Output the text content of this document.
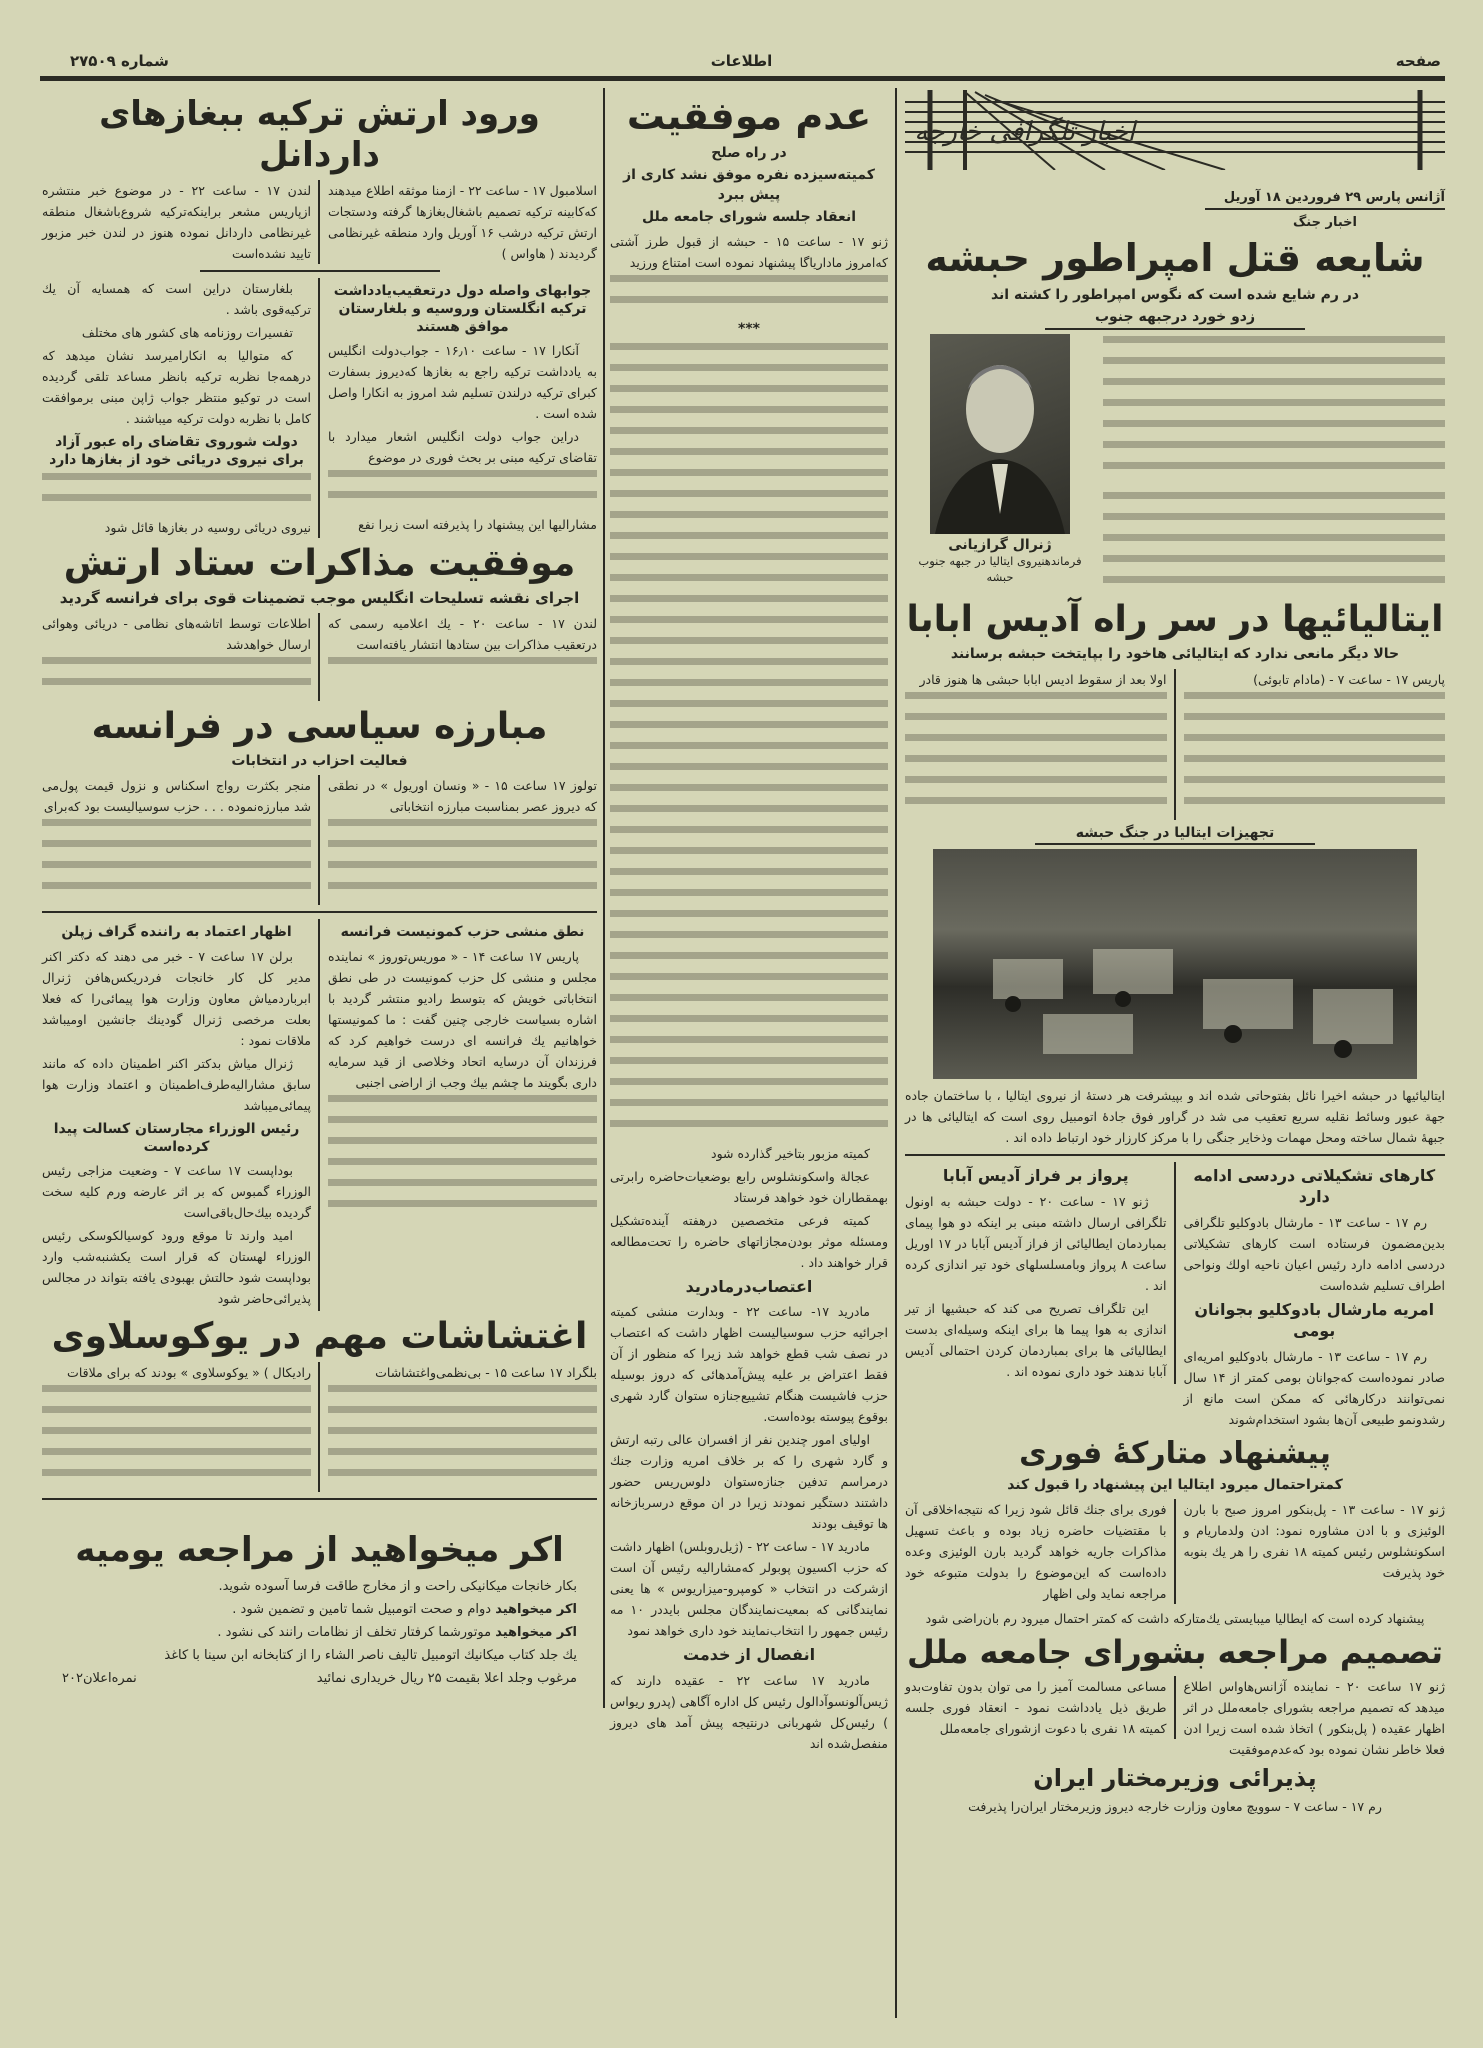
صفحه
اطلاعات
شماره ۲۷۵۰۹
اخبار تلگرافی خارجه
آژانس پارس ۲۹ فروردین ۱۸ آوریل
اخبار جنگ
شایعه قتل امپراطور حبشه
در رم شایع شده است که نگوس امپراطور را کشته اند
زدو خورد درجبهه جنوب
ژنرال گرازیانی
فرماندهنیروی ایتالیا در جبهه جنوب حبشه
ایتالیائیها در سر راه آدیس ابابا
حالا دیگر مانعی ندارد که ایتالیائی هاخود را بپایتخت حبشه برسانند
پاریس ۱۷ - ساعت ۷ - (مادام تابوئی)
اولا بعد از سقوط ادیس ابابا حبشی ها هنوز قادر
تجهیزات ایتالیا در جنگ حبشه
ایتالیائیها در حبشه اخیرا نائل بفتوحاتی شده اند و بپیشرفت هر دستهٔ از نیروی ایتالیا ، با ساختمان جاده جهة عبور وسائط نقلیه سریع تعقیب می شد در گراور فوق جادهٔ اتومبیل روی است که ایتالیائی ها در جبههٔ شمال ساخته ومحل مهمات وذخایر جنگی را با مرکز کارزار خود ارتباط داده اند .
کارهای تشکیلاتی دردسی ادامه دارد

رم ۱۷ - ساعت ۱۳ - مارشال بادوکلیو تلگرافی بدین‌مضمون فرستاده است کارهای تشکیلاتی دردسی ادامه دارد رئیس اعیان ناحیه اولك ونواحی اطراف تسلیم شده‌است

امریه مارشال بادوکلیو بجوانان بومی

رم ۱۷ - ساعت ۱۳ - مارشال بادوکلیو امریه‌ای صادر نموده‌است که‌جوانان بومی کمتر از ۱۴ سال نمی‌توانند درکارهائی که ممکن است مانع از رشدونمو طبیعی آن‌ها بشود استخدام‌شوند

پرواز بر فراز آدیس آبابا

ژنو ۱۷ - ساعت ۲۰ - دولت حبشه به اونول تلگرافی ارسال داشته مبنی بر اینکه دو هوا پیمای بمباردمان ایطالیائی از فراز آدیس آبابا در ۱۷ اوریل ساعت ۸ پرواز وبامسلسلهای خود تیر اندازی کرده اند .

این تلگراف تصریح می کند که حبشیها از تیر اندازی به هوا پیما ها برای اینکه وسیله‌ای بدست ایطالیائی ها برای بمباردمان کردن احتمالی آدیس آبابا ندهند خود داری نموده اند .

پیشنهاد متارکهٔ فوری
کمتراحتمال میرود ایتالیا این پیشنهاد را قبول کند
ژنو ۱۷ - ساعت ۱۳ - پل‌بنکور امروز صبح با بارن الوئیزی و با ادن مشاوره نمود: ادن ولدماریام و اسکونشلوس رئیس کمیته ۱۸ نفری را هر یك بنوبه خود پذیرفت
فوری برای جنك قائل شود زیرا که نتیجه‌اخلاقی آن با مقتضیات حاضره زیاد بوده و باعث تسهیل مذاکرات جاریه خواهد گردید بارن الوئیزی وعده داده‌است که این‌موضوع را بدولت متبوعه خود مراجعه نماید ولی اظهار
پیشنهاد کرده است که ایطالیا میبایستی یك‌متارکه داشت که کمتر احتمال میرود رم بان‌راضی شود
تصمیم مراجعه بشورای جامعه ملل
ژنو ۱۷ ساعت ۲۰ - نماینده آژانس‌هاواس اطلاع میدهد که تصمیم مراجعه بشورای جامعه‌ملل در اثر اظهار عقیده ( پل‌بنکور ) اتخاذ شده است زیرا ادن فعلا خاطر نشان نموده بود که‌عدم‌موفقیت
مساعی مسالمت آمیز را می توان بدون تفاوت‌بدو طریق ذیل یادداشت نمود - انعقاد فوری جلسه کمیته ۱۸ نفری با دعوت ازشورای جامعه‌ملل
پذیرائی وزیرمختار ایران
رم ۱۷ - ساعت ۷ - سوویچ معاون وزارت خارجه دیروز وزیرمختار ایران‌را پذیرفت
عدم موفقیت
در راه صلح
کمیته‌سیزده نفره موفق نشد کاری از پیش ببرد
انعقاد جلسه شورای جامعه ملل
ژنو ۱۷ - ساعت ۱۵ - حبشه از قبول طرز آشتی که‌امروز ماداریاگا پیشنهاد نموده است امتناع ورزید
***

کمیته مزبور بتاخیر گذارده شود

عجالة واسکونشلوس رابع بوضعیات‌حاضره رابرتی بهمقطاران خود خواهد فرستاد

کمیته فرعی متخصصین درهفته آینده‌تشکیل ومسئله موثر بودن‌مجازاتهای حاضره را تحت‌مطالعه قرار خواهند داد .

اعتصاب‌درمادرید

مادرید ۱۷- ساعت ۲۲ - وبدارت منشی کمیته اجرائیه حزب سوسیالیست اظهار داشت که اعتصاب در نصف شب قطع خواهد شد زیرا که منظور از آن فقط اعتراض بر علیه پیش‌آمدهائی که دروز بوسیله حزب فاشیست هنگام تشییع‌جنازه ستوان گارد شهری بوقوع پیوسته بوده‌است.

اولیای امور چندین نفر از افسران عالی رتبه ارتش و گارد شهری را که بر خلاف امریه وزارت جنك درمراسم تدفین جنازه‌ستوان دلوس‌ریس حضور داشتند دستگیر نمودند زیرا در ان موقع درسربازخانه ها توقیف بودند

مادرید ۱۷ - ساعت ۲۲ - (ژیل‌روبلس) اظهار داشت که حزب اکسیون پوبولر که‌مشارالیه رئیس آن است ازشرکت در انتخاب « کومپرو-میزاریوس » ها یعنی نمایندگانی که بمعیت‌نمایندگان مجلس بایددر ۱۰ مه رئیس جمهور را انتخاب‌نمایند خود داری خواهد نمود

انفصال از خدمت

مادرید ۱۷ ساعت ۲۲ - عقیده دارند که ژیس‌آلونسوآدالول رئیس کل اداره آگاهی (پدرو ریواس ) رئیس‌کل شهربانی درنتیجه پیش آمد های دیروز منفصل‌شده اند

ورود ارتش ترکیه ببغازهای داردانل
اسلامبول ۱۷ - ساعت ۲۲ - ازمنا موثقه اطلاع میدهند که‌کابینه ترکیه تصمیم باشغال‌بغازها گرفته ودستجات ارتش ترکیه درشب ۱۶ آوریل وارد منطقه غیرنظامی گردیدند ( هاواس )
لندن ۱۷ - ساعت ۲۲ - در موضوع خبر منتشره ازپاریس مشعر براینکه‌ترکیه شروع‌باشغال منطقه غیرنظامی داردانل نموده هنوز در لندن خبر مزبور تایید نشده‌است
جوابهای واصله دول درتعقیب‌یادداشت ترکیه انگلستان وروسیه و بلغارستان موافق هستند

آنکارا ۱۷ - ساعت ۱۶٫۱۰ - جواب‌دولت انگلیس به یادداشت ترکیه راجع به بغازها که‌دیروز بسفارت کبرای ترکیه درلندن تسلیم شد امروز به انکارا واصل شده است .

دراین جواب دولت انگلیس اشعار میدارد با تقاضای ترکیه مبنی بر بحث فوری در موضوع

مشارالیها این پیشنهاد را پذیرفته است زیرا نفع

بلغارستان دراین است که همسایه آن یك ترکیه‌قوی باشد .

تفسیرات روزنامه های کشور های مختلف

که متوالیا به انکارامیرسد نشان میدهد که درهمه‌جا نظربه ترکیه بانظر مساعد تلقی گردیده است در توکیو منتظر جواب ژاپن مبنی برموافقت کامل با نظربه دولت ترکیه میباشند .

دولت شوروی تقاضای راه عبور آزاد برای نیروی دریائی خود از بغازها دارد
نیروی دریائی روسیه در بغازها قائل شود
موفقیت مذاکرات ستاد ارتش
اجرای نقشه تسلیحات انگلیس موجب تضمینات قوی برای فرانسه گردید
لندن ۱۷ - ساعت ۲۰ - یك اعلامیه رسمی که درتعقیب مذاکرات بین ستادها انتشار یافته‌است
اطلاعات توسط اتاشه‌های نظامی - دریائی وهوائی ارسال خواهدشد
مبارزه سیاسی در فرانسه
فعالیت احزاب در انتخابات
تولوز ۱۷ ساعت ۱۵ - « ونسان اوریول » در نطقی که دیروز عصر بمناسبت مبارزه انتخاباتی
منجر بکثرت رواج اسکناس و نزول قیمت پول‌می شد مبارزه‌نموده . . . حزب سوسیالیست بود که‌برای
نطق منشی حزب کمونیست فرانسه

پاریس ۱۷ ساعت ۱۴ - « موریس‌توروز » نماینده مجلس و منشی کل حزب کمونیست در طی نطق انتخاباتی خویش که بتوسط رادیو منتشر گردید با اشاره بسیاست خارجی چنین گفت : ما کمونیستها خواهانیم یك فرانسه ای درست خواهیم کرد که فرزندان آن درسایه اتحاد وخلاصی از قید سرمایه داری بگویند ما چشم بیك وجب از اراضی اجنبی

اظهار اعتماد به راننده گراف زپلن

برلن ۱۷ ساعت ۷ - خبر می دهند که دکتر اکنر مدیر کل کار خانجات فردریکس‌هافن ژنرال ابرباردمیاش معاون وزارت هوا پیمائی‌را که فعلا بعلت مرخصی ژنرال گودینك جانشین اومیباشد ملاقات نمود :

ژنرال میاش بدکتر اکنر اطمینان داده که مانند سابق مشارالیه‌طرف‌اطمینان و اعتماد وزارت هوا پیمائی‌میباشد

رئیس الوزراء مجارستان کسالت پیدا کرده‌است

بوداپست ۱۷ ساعت ۷ - وضعیت مزاجی رئیس الوزراء گمبوس که بر اثر عارضه ورم کلیه سخت گردیده بیك‌حال‌باقی‌است

امید وارند تا موقع ورود کوسیالکوسکی رئیس الوزراء لهستان که قرار است یکشنبه‌شب وارد بوداپست شود حالتش بهبودی یافته بتواند در مجالس پذیرائی‌حاضر شود

اغتشاشات مهم در یوکوسلاوی
بلگراد ۱۷ ساعت ۱۵ - بی‌نظمی‌واغتشاشات
رادیکال ) « یوکوسلاوی » بودند که برای ملاقات
اکر میخواهید از مراجعه یومیه
بکار خانجات میکانیکی راحت و از مخارج طاقت فرسا آسوده شوید.
اکر میخواهید دوام و صحت اتومبیل شما تامین و تضمین شود .
اکر میخواهید موتورشما کرفتار تخلف از نظامات رانند کی نشود .
یك جلد کتاب میکانیك اتومبیل تالیف ناصر الشاء را از کتابخانه ابن سینا با کاغذ
مرغوب وجلد اعلا بقیمت ۲۵ ریال خریداری نمائید
نمره‌اعلان۲۰۲
